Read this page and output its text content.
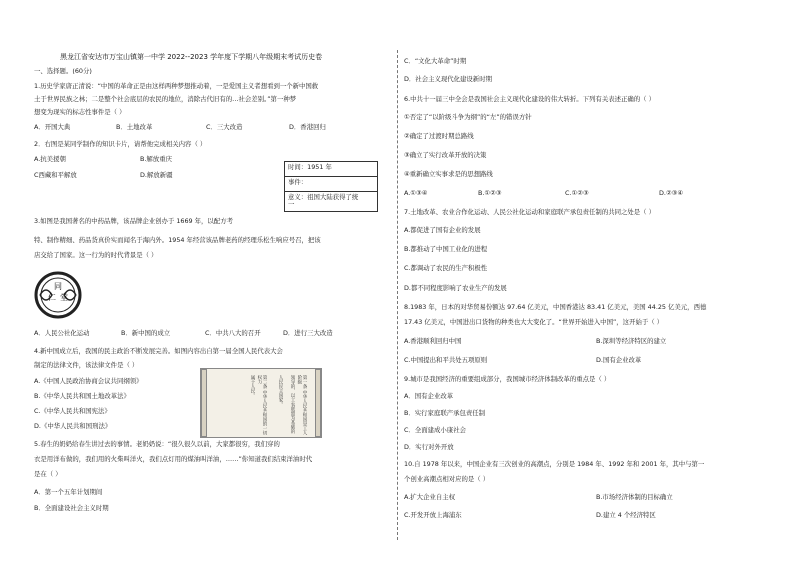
黑龙江省安达市万宝山镇第一中学 2022--2023 学年度下学期八年级期末考试历史卷
一、选择题。(60分)
1.历史学家唐正清说：“中国的革命正是由这样两种梦想推动着，一是爱国主义者想看到一个新中国救
土于世界民族之林；二是整个社会底层的农民的地位，消除古代旧有的…社会差别。”第一种梦
想变为现实的标志性事件是（ ）
A．开国大典	B．土地改革	C．三大改造	D．香港回归
2．右图是某同学制作的知识卡片，请帮他完成相关内容（ ）
A.抗美援朝	B.解放重庆
C西藏和平解放	D.解放新疆
时间：1951 年
事件：
意义：祖国大陆获得了统
一
3.如图是我国著名的中药品牌，该品牌企业创办于 1669 年，以配方考
特、制作精细、药品货真价实而闻名于海内外。1954 年经营该品牌老药的经理乐松生响应号召，把该
店交给了国家。这一行为的时代背景是（ ）
同
仁 堂
A．人民公社化运动	B．新中国的成立	C．中共八大的召开	D．进行三大改造
4.新中国成立后，我国的民主政治不断发展完善。如图内容出自第一届全国人民代表大会
制定的法律文件，该法律文件是（ ）
A.《中国人民政治协商会议共同纲领》
B.《中华人民共和国土地改革法》
C.《中华人民共和国宪法》
D.《中华人民共和国刑法》	第一条 中华人民共和国是工人阶级
领导的、以工农联盟为基础的
人民民主国家。
第二条 中华人民共和国的一切权力
属于人民。
5.春生的奶奶给春生讲过去的事情。老奶奶说：“很久很久以前，大家都很穷，我们穿的
衣是用洋布做的，我们用的火柴叫洋火，我们点灯用的煤油叫洋油，……”你知道我们结束洋油时代
是在（ ）
A．第一个五年计划期间
B．全面建设社会主义时期
C．“文化大革命”时期
D．社会主义现代化建设新时期
6.中共十一届三中全会是我国社会主义现代化建设的伟大转折。下列有关表述正确的（ ）
①否定了“以阶级斗争为纲”的“左”的错误方针
②确定了过渡时期总路线
③确立了实行改革开放的决策
④重新确立实事求是的思想路线
A.①③④	B.①②③	C.①②③	D.②③④
7.土地改革、农业合作化运动、人民公社化运动和家庭联产承包责任制的共同之处是（ ）
A.都促进了国有企业的发展
B.都推动了中国工业化的进程
C.都调动了农民的生产积极性
D.都不同程度影响了农业生产的发展
8.1983 年，日本的对华贸易份额达 97.64 亿美元，中国香港达 83.41 亿美元，美国 44.25 亿美元，西德
17.43 亿美元，中国进出口货物的种类也大大变化了。“世界开始进入中国”，这开始于（ ）
A.香港顺利回归中国	B.深圳等经济特区的建立
C.中国提出和平共处五项原则	D.国有企业改革
9.城市是我国经济的重要组成部分，我国城市经济体制改革的重点是（ ）
A．国有企业改革
B．实行家庭联产承包责任制
C．全面建成小康社会
D．实行对外开放
10.自 1978 年以来，中国企业有三次创业的高潮点，分别是 1984 年、1992 年和 2001 年，其中与第一
个创业高潮点相对应的是（ ）
A.扩大企业自主权	B.市场经济体制的目标确立
C.开发开放上海浦东	D.建立 4 个经济特区
